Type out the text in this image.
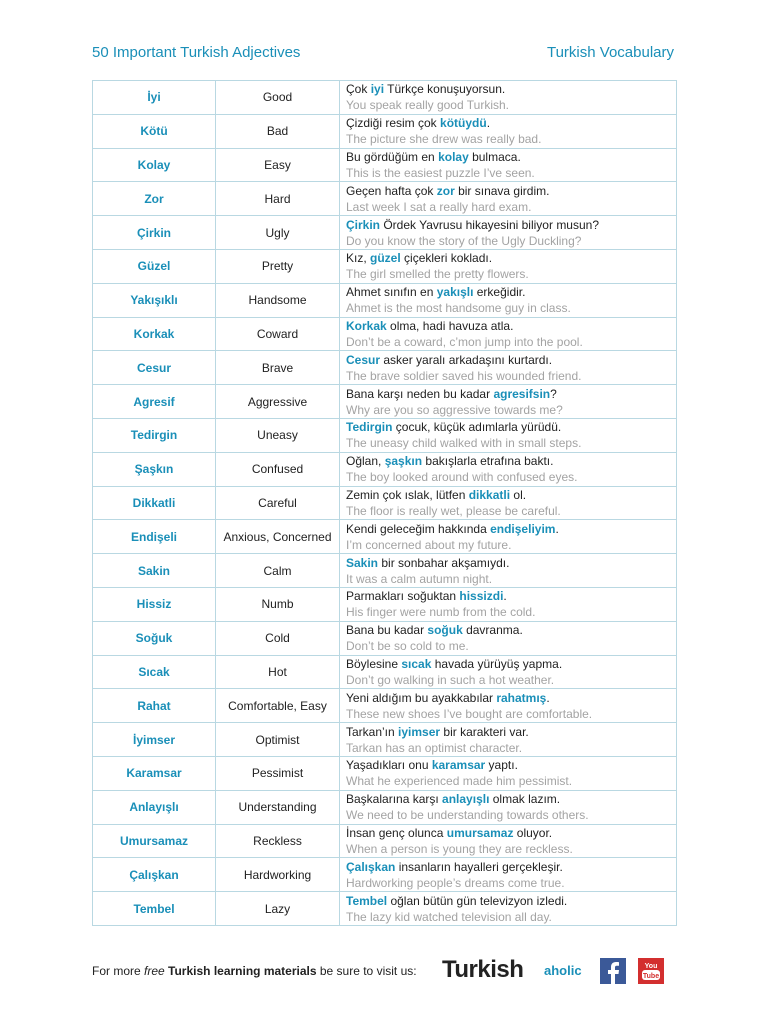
50 Important Turkish Adjectives	Turkish Vocabulary
İyi	Good	Çok iyi Türkçe konuşuyorsun.
You speak really good Turkish.

Kötü	Bad	Çizdiği resim çok kötüydü.
The picture she drew was really bad.

Kolay	Easy	Bu gördüğüm en kolay bulmaca.
This is the easiest puzzle I’ve seen.

Zor	Hard	Geçen hafta çok zor bir sınava girdim.
Last week I sat a really hard exam.

Çirkin	Ugly	Çirkin Ördek Yavrusu hikayesini biliyor musun?
Do you know the story of the Ugly Duckling?

Güzel	Pretty	Kız, güzel çiçekleri kokladı.
The girl smelled the pretty flowers.

Yakışıklı	Handsome	Ahmet sınıfın en yakışlı erkeğidir.
Ahmet is the most handsome guy in class.

Korkak	Coward	Korkak olma, hadi havuza atla.
Don’t be a coward, c’mon jump into the pool.

Cesur	Brave	Cesur asker yaralı arkadaşını kurtardı.
The brave soldier saved his wounded friend.

Agresif	Aggressive	Bana karşı neden bu kadar agresifsin?
Why are you so aggressive towards me?

Tedirgin	Uneasy	Tedirgin çocuk, küçük adımlarla yürüdü.
The uneasy child walked with in small steps.

Şaşkın	Confused	Oğlan, şaşkın bakışlarla etrafına baktı.
The boy looked around with confused eyes.

Dikkatli	Careful	Zemin çok ıslak, lütfen dikkatli ol.
The floor is really wet, please be careful.

Endişeli	Anxious, Concerned	Kendi geleceğim hakkında endişeliyim.
I’m concerned about my future.

Sakin	Calm	Sakin bir sonbahar akşamıydı.
It was a calm autumn night.

Hissiz	Numb	Parmakları soğuktan hissizdi.
His finger were numb from the cold.

Soğuk	Cold	Bana bu kadar soğuk davranma.
Don’t be so cold to me.

Sıcak	Hot	Böylesine sıcak havada yürüyüş yapma.
Don’t go walking in such a hot weather.

Rahat	Comfortable, Easy	Yeni aldığım bu ayakkabılar rahatmış.
These new shoes I’ve bought are comfortable.

İyimser	Optimist	Tarkan’ın iyimser bir karakteri var.
Tarkan has an optimist character.

Karamsar	Pessimist	Yaşadıkları onu karamsar yaptı.
What he experienced made him pessimist.

Anlayışlı	Understanding	Başkalarına karşı anlayışlı olmak lazım.
We need to be understanding towards others.

Umursamaz	Reckless	İnsan genç olunca umursamaz oluyor.
When a person is young they are reckless.

Çalışkan	Hardworking	Çalışkan insanların hayalleri gerçekleşir.
Hardworking people’s dreams come true.

Tembel	Lazy	Tembel oğlan bütün gün televizyon izledi.
The lazy kid watched television all day.
For more free Turkish learning materials be sure to visit us: Turkish aholic	You
Tube
